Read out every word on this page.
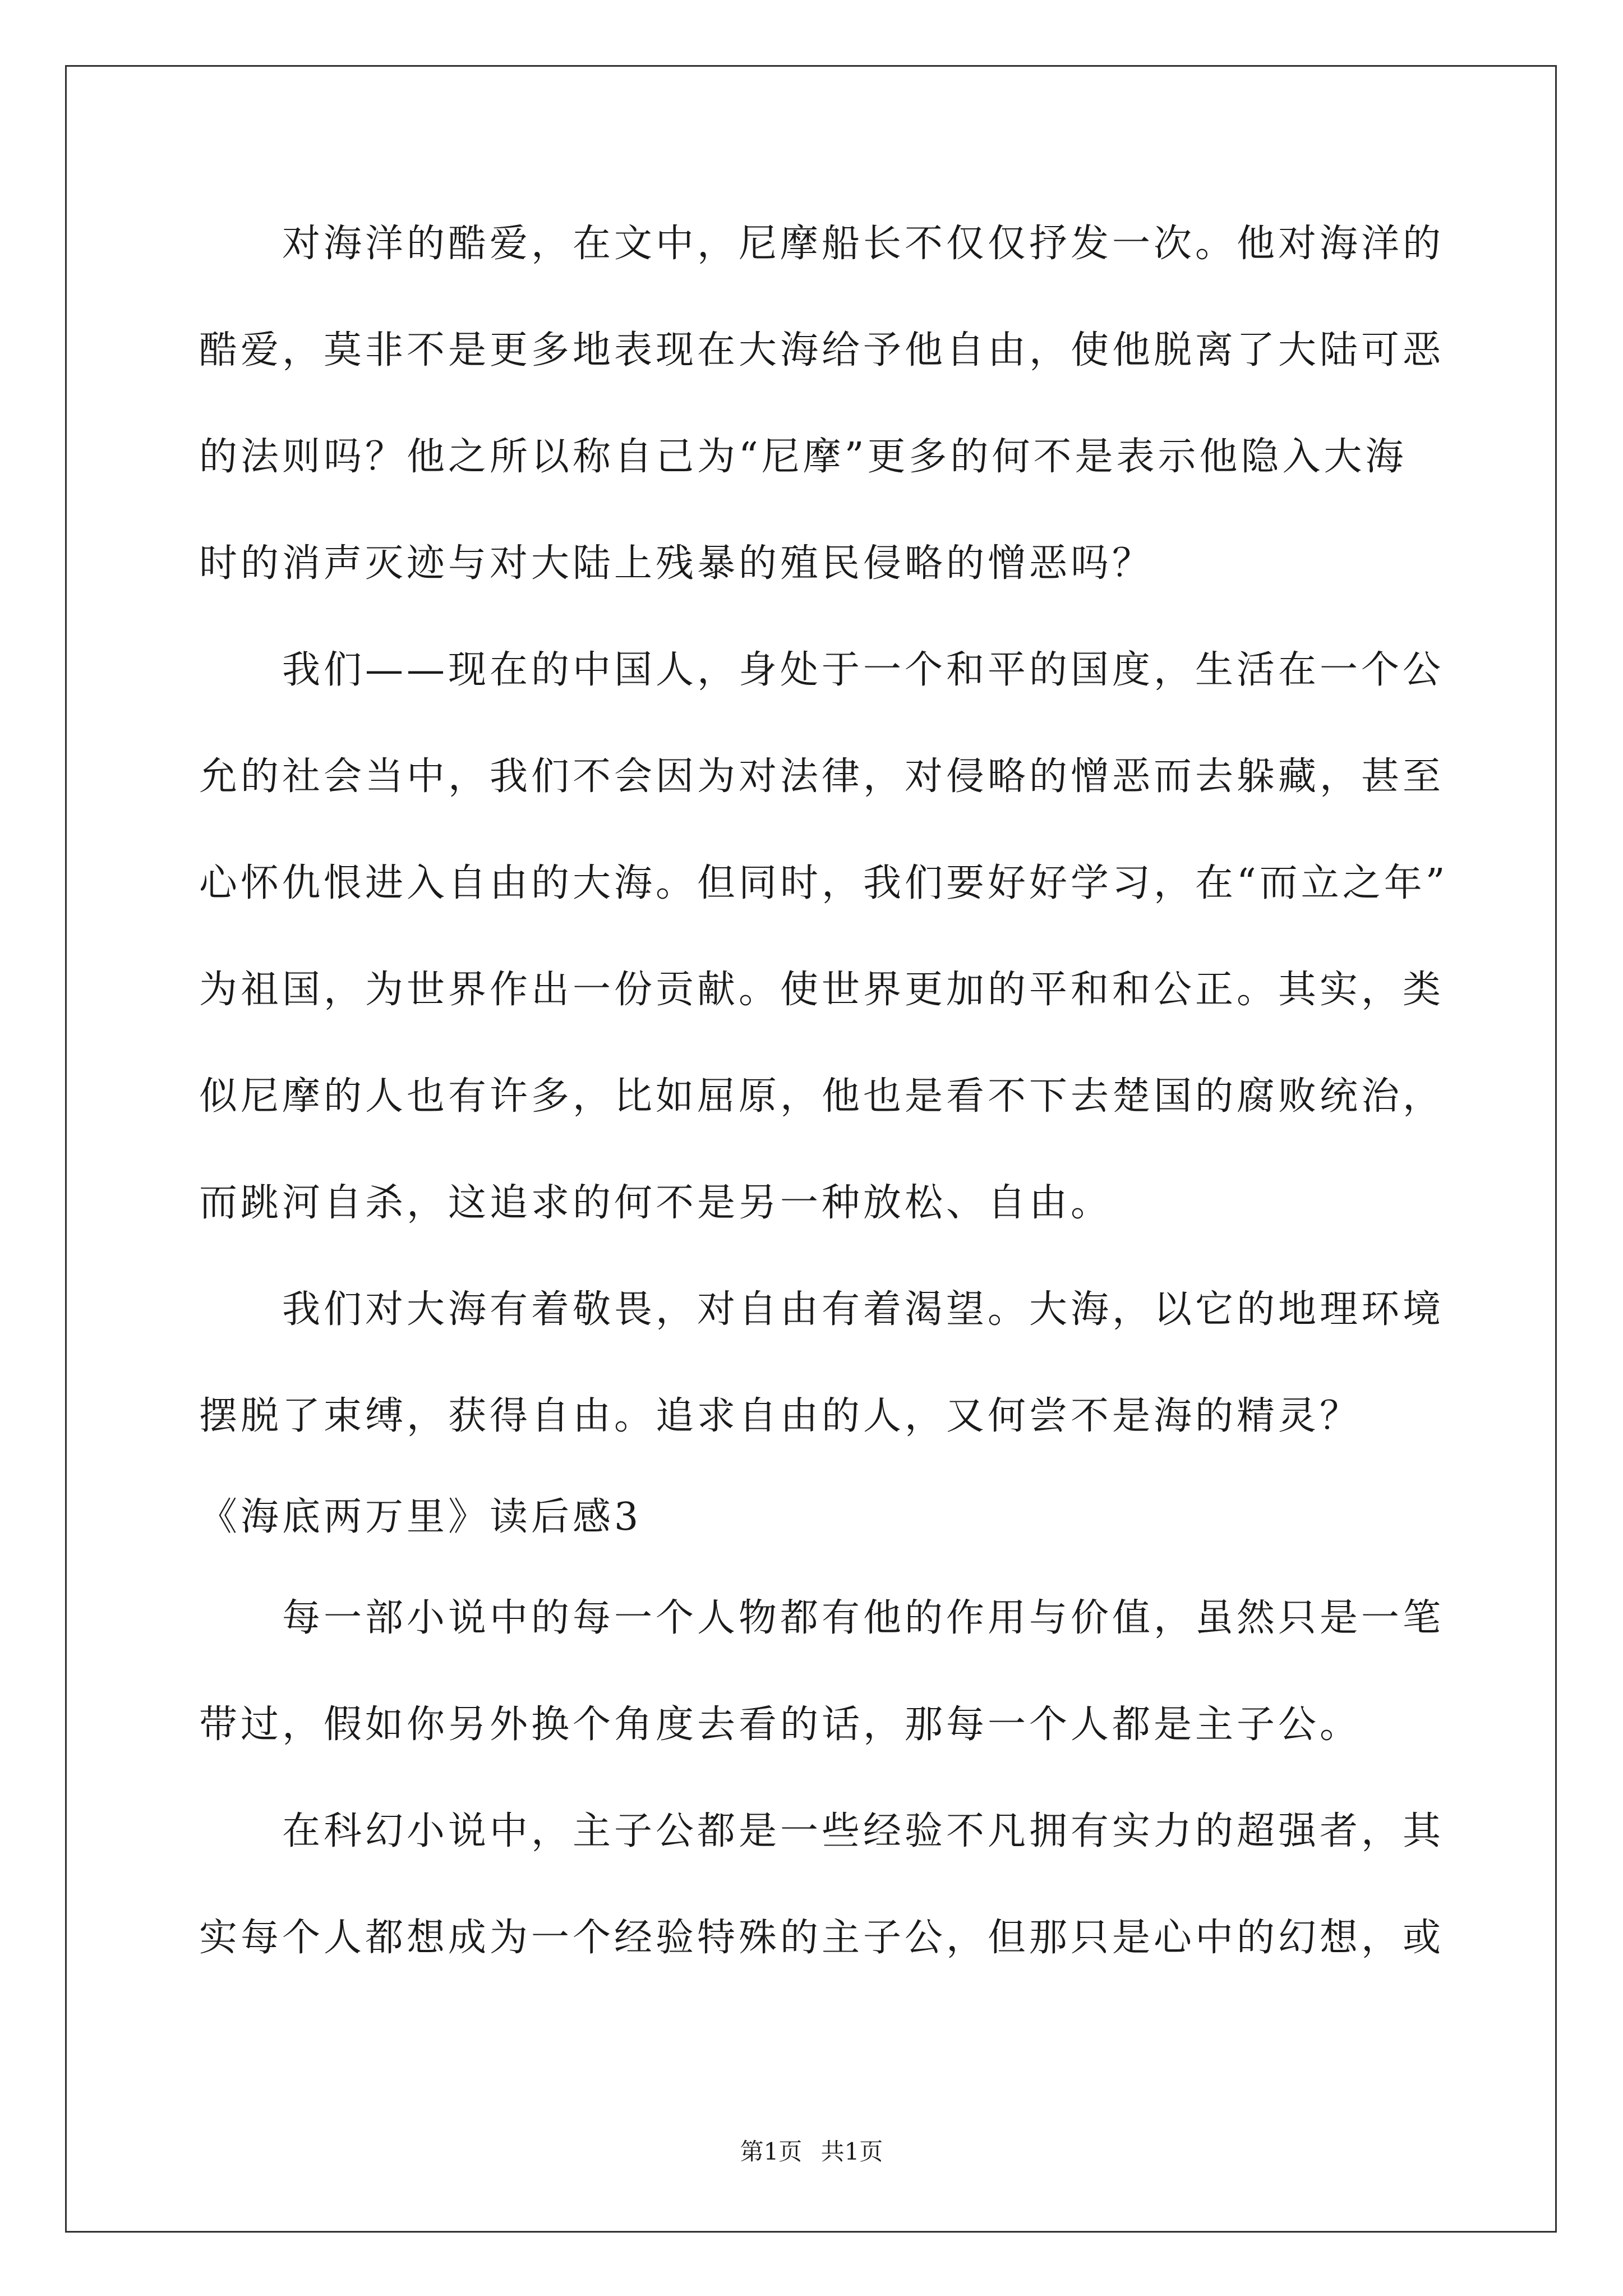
对海洋的酷爱，在文中，尼摩船长不仅仅抒发一次。他对海洋的
酷爱，莫非不是更多地表现在大海给予他自由，使他脱离了大陆可恶
的法则吗？他之所以称自己为“尼摩”更多的何不是表示他隐入大海
时的消声灭迹与对大陆上残暴的殖民侵略的憎恶吗？
我们——现在的中国人，身处于一个和平的国度，生活在一个公
允的社会当中，我们不会因为对法律，对侵略的憎恶而去躲藏，甚至
心怀仇恨进入自由的大海。但同时，我们要好好学习，在“而立之年”
为祖国，为世界作出一份贡献。使世界更加的平和和公正。其实，类
似尼摩的人也有许多，比如屈原，他也是看不下去楚国的腐败统治，
而跳河自杀，这追求的何不是另一种放松、自由。
我们对大海有着敬畏，对自由有着渴望。大海，以它的地理环境
摆脱了束缚，获得自由。追求自由的人，又何尝不是海的精灵？
《海底两万里》读后感3
每一部小说中的每一个人物都有他的作用与价值，虽然只是一笔
带过，假如你另外换个角度去看的话，那每一个人都是主子公。
在科幻小说中，主子公都是一些经验不凡拥有实力的超强者，其
实每个人都想成为一个经验特殊的主子公，但那只是心中的幻想，或
第1页 共1页
